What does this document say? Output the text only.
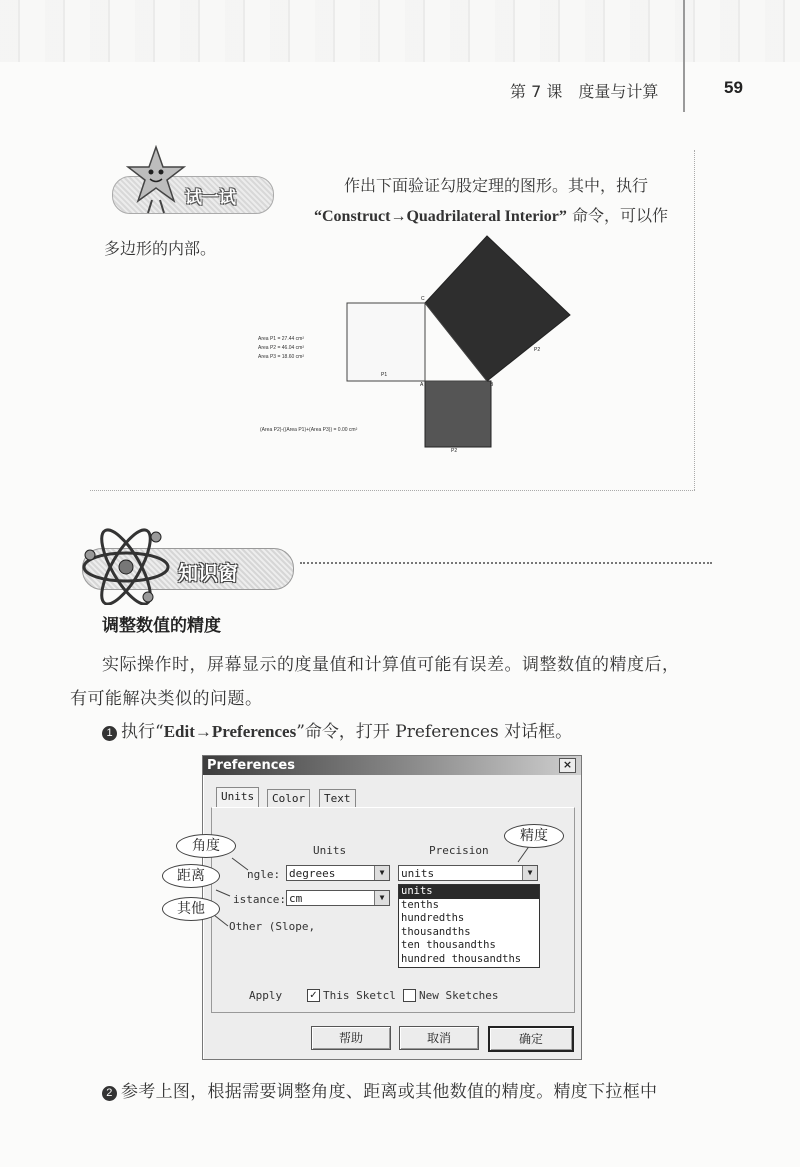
第 7 课　度量与计算	59
试一试
作出下面验证勾股定理的图形。其中，执行
“Construct→Quadrilateral Interior” 命令，可以作
多边形的内部。
Area P1 = 27.44 cm²
Area P2 = 46.04 cm²
Area P3 = 18.60 cm²
(Area P2)-((Area P1)+(Area P3)) = 0.00 cm²
P1
P2
P2
A	B
C
知识窗
调整数值的精度
实际操作时，屏幕显示的度量值和计算值可能有误差。调整数值的精度后，
有可能解决类似的问题。
1 执行“Edit→Preferences”命令，打开 Preferences 对话框。
Preferences	×
Units	Color	Text
Units	Precision
ngle: degrees	▼	units	▼
istance: cm	▼
units
tenths
hundredths
thousandths
ten thousandths
hundred thousandths
Other (Slope,
Apply	✓ This Sketcl New Sketches
帮助	取消	确定
角度
距离
其他
精度
2 参考上图，根据需要调整角度、距离或其他数值的精度。精度下拉框中
